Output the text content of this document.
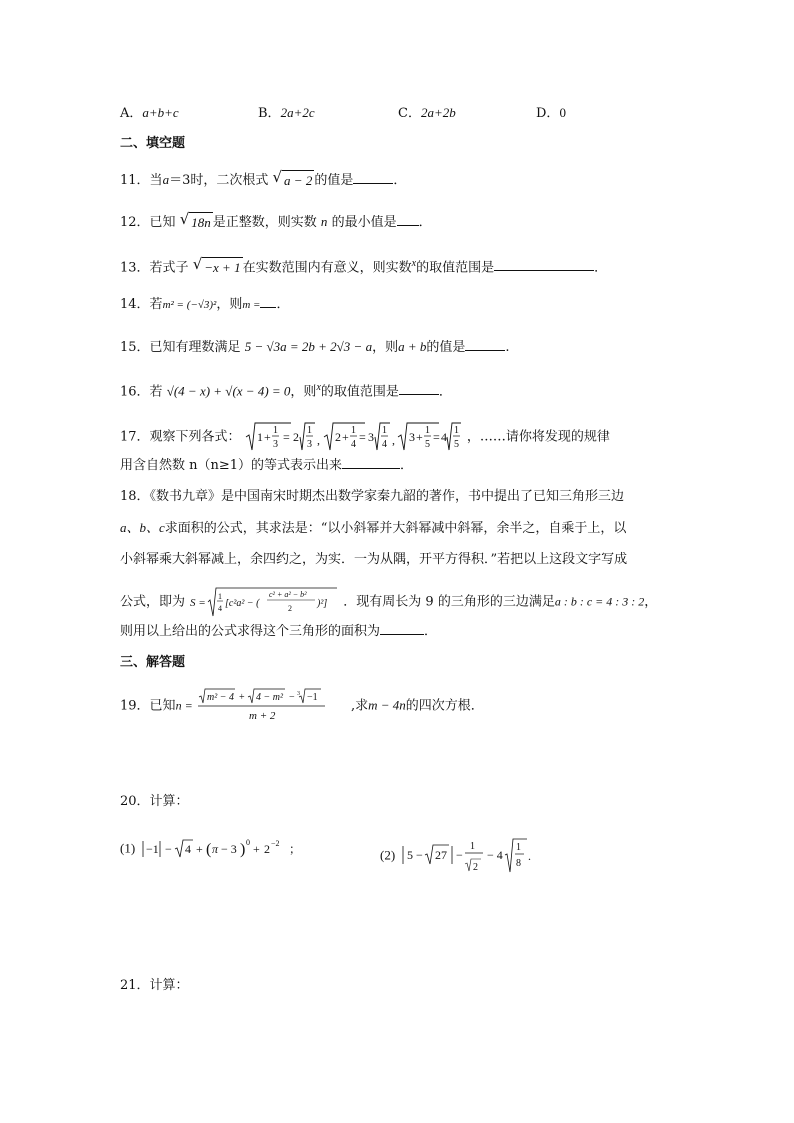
A．a+b+c	B．2a+2c	C．2a+2b	D．0
二、填空题
11．当a＝3时，二次根式 √ a − 2 的值是	．
12．已知 √ 18n 是正整数，则实数 n 的最小值是 ．
13．若式子 √ −x + 1 在实数范围内有意义，则实数$^x$的取值范围是	．
14．若m² = (−√3)²，则m = ．
15．已知有理数满足 5 − √3a = 2b + 2√3 − a，则a + b的值是	.
16．若 √(4 − x) + √(x − 4) = 0，则$^x$的取值范围是	．
17．观察下列各式： 1 + 1
3
= 2 1
3 , 2 + 1
4
= 3 1
4 , 3 + 1
5
= 4 1
5 ，……请你将发现的规律
用含自然数 n（n≥1）的等式表示出来	．
18．《数书九章》是中国南宋时期杰出数学家秦九韶的著作，书中提出了已知三角形三边
a、b、c求面积的公式，其求法是：“以小斜幂并大斜幂减中斜幂，余半之，自乘于上，以
小斜幂乘大斜幂减上，余四约之，为实．一为从隅，开平方得积．”若把以上这段文字写成
公式，即为 S =
1
4 [c²a² − (
c² + a² − b²
2	)²] ．现有周长为 9 的三角形的三边满足a : b : c = 4 : 3 : 2，
则用以上给出的公式求得这个三角形的面积为	．
三、解答题
19．已知n =
m² − 4 + 4 − m² − 3 −1
m + 2
,求m − 4n的四次方根．
20．计算：
(1) −1 − 4 + ( π − 3 ) 0 + 2 −2 ；	(2) 5 − 27 −
1
2
− 4
1
8
.
21．计算：
